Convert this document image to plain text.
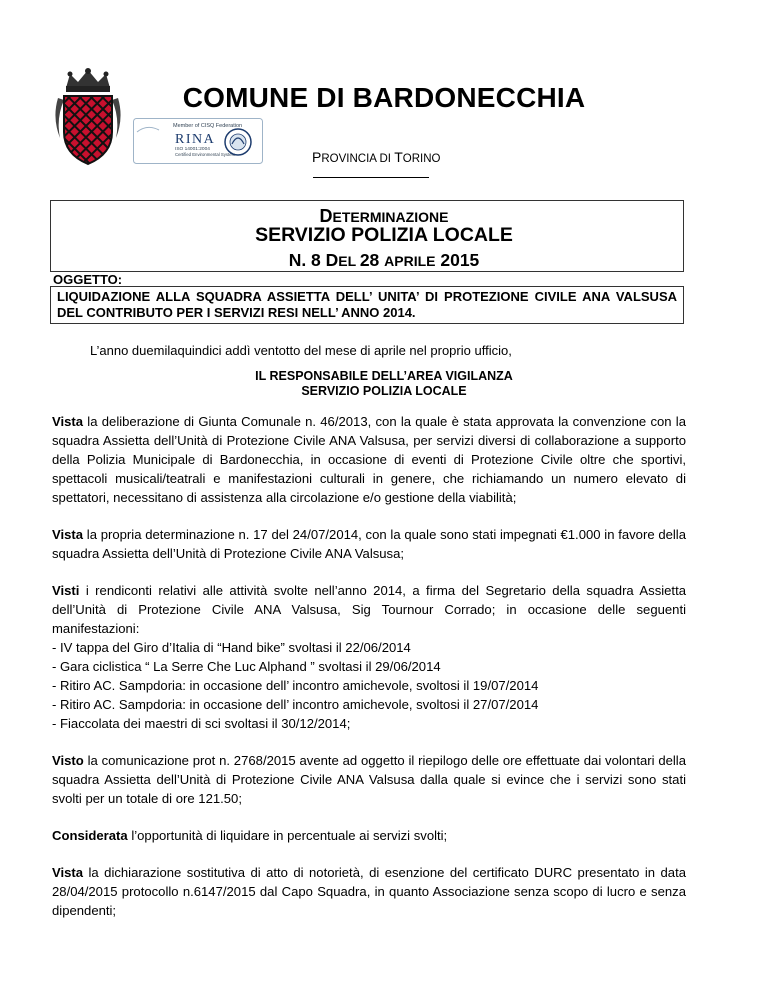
Member of CISQ Federation
RINA
ISO 14001:2004
Certified Environmental System
COMUNE DI BARDONECCHIA
PROVINCIA DI TORINO
DETERMINAZIONE
SERVIZIO POLIZIA LOCALE
N. 8 DEL 28 APRILE 2015
OGGETTO:
LIQUIDAZIONE ALLA SQUADRA ASSIETTA DELL’ UNITA’ DI PROTEZIONE CIVILE ANA VALSUSA DEL CONTRIBUTO PER I SERVIZI RESI NELL’ ANNO 2014.
L’anno duemilaquindici addì ventotto del mese di aprile nel proprio ufficio,
IL RESPONSABILE DELL’AREA VIGILANZA
SERVIZIO POLIZIA LOCALE

Vista la deliberazione di Giunta Comunale n. 46/2013, con la quale è stata approvata la convenzione con la squadra Assietta dell’Unità di Protezione Civile ANA Valsusa, per servizi diversi di collaborazione a supporto della Polizia Municipale di Bardonecchia, in occasione di eventi di Protezione Civile oltre che sportivi, spettacoli musicali/teatrali e manifestazioni culturali in genere, che richiamando un numero elevato di spettatori, necessitano di assistenza alla circolazione e/o gestione della viabilità;

Vista la propria determinazione n. 17 del 24/07/2014, con la quale sono stati impegnati €1.000 in favore della squadra Assietta dell’Unità di Protezione Civile ANA Valsusa;

Visti i rendiconti relativi alle attività svolte nell’anno 2014, a firma del Segretario della squadra Assietta dell’Unità di Protezione Civile ANA Valsusa, Sig Tournour Corrado; in occasione delle seguenti manifestazioni:
- IV tappa del Giro d’Italia di “Hand bike” svoltasi il 22/06/2014
- Gara ciclistica “ La Serre Che Luc Alphand ” svoltasi il 29/06/2014
- Ritiro AC. Sampdoria: in occasione dell’ incontro amichevole, svoltosi il 19/07/2014
- Ritiro AC. Sampdoria: in occasione dell’ incontro amichevole, svoltosi il 27/07/2014
- Fiaccolata dei maestri di sci svoltasi il 30/12/2014;

Visto la comunicazione prot n. 2768/2015 avente ad oggetto il riepilogo delle ore effettuate dai volontari della squadra Assietta dell’Unità di Protezione Civile ANA Valsusa dalla quale si evince che i servizi sono stati svolti per un totale di ore 121.50;

Considerata l’opportunità di liquidare in percentuale ai servizi svolti;

Vista la dichiarazione sostitutiva di atto di notorietà, di esenzione del certificato DURC presentato in data 28/04/2015 protocollo n.6147/2015 dal Capo Squadra, in quanto Associazione senza scopo di lucro e senza dipendenti;
